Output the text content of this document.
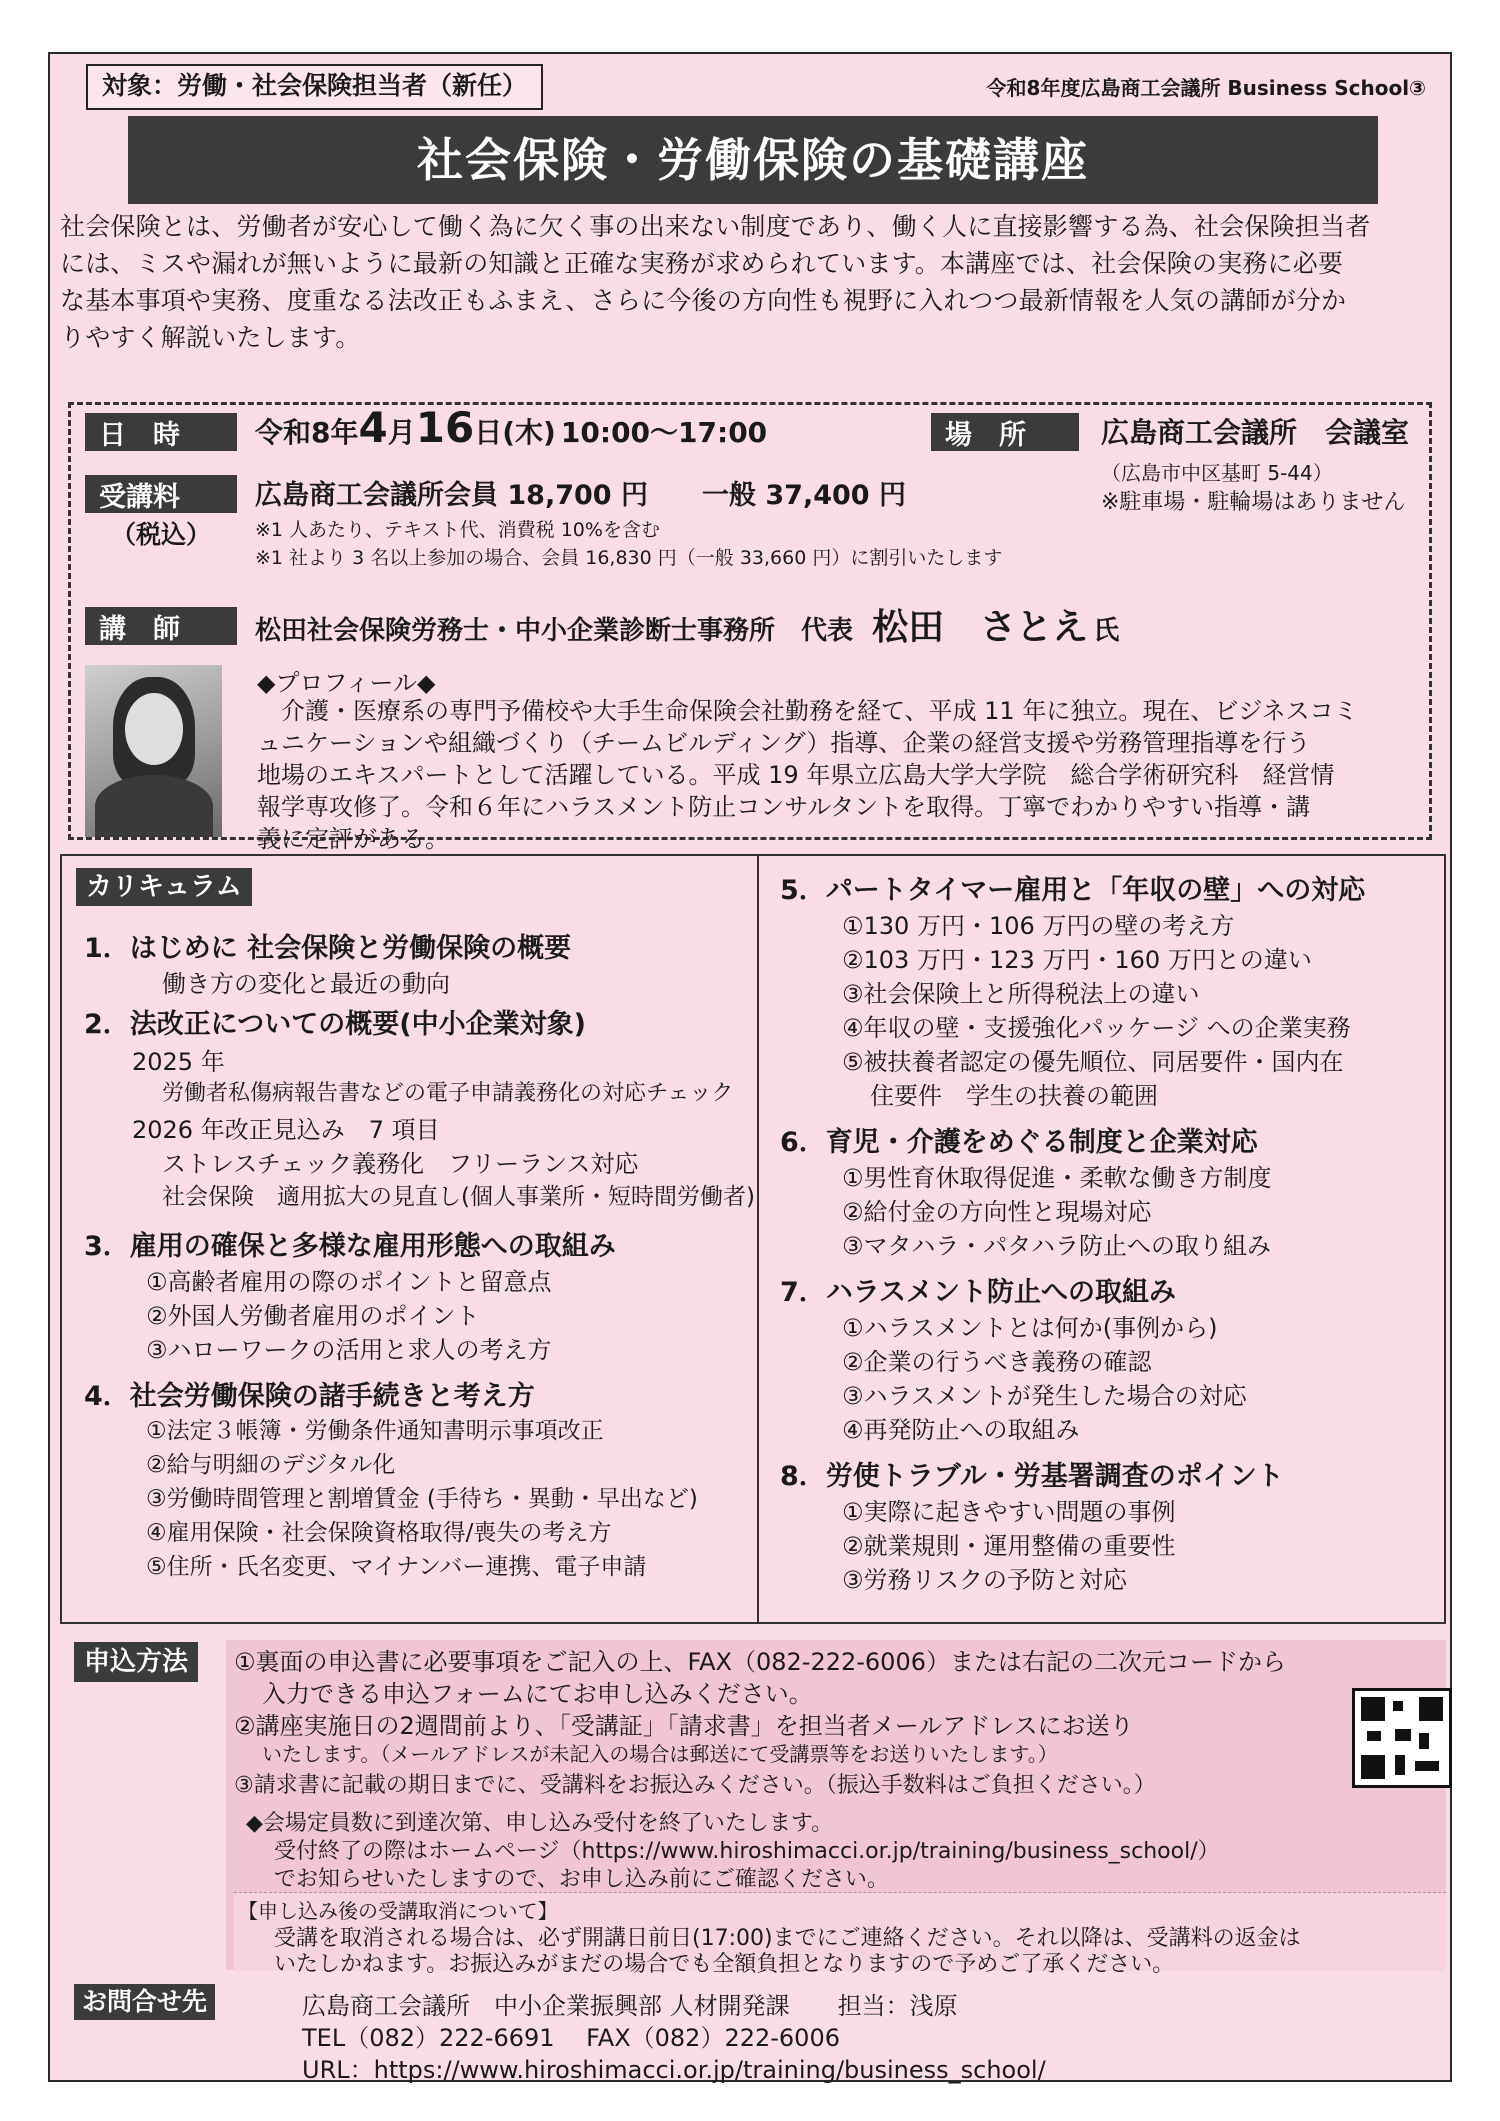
対象：労働・社会保険担当者（新任）	令和8年度広島商工会議所 Business School③
社会保険・労働保険の基礎講座

社会保険とは、労働者が安心して働く為に欠く事の出来ない制度であり、働く人に直接影響する為、社会保険担当者

には、ミスや漏れが無いように最新の知識と正確な実務が求められています。本講座では、社会保険の実務に必要

な基本事項や実務、度重なる法改正もふまえ、さらに今後の方向性も視野に入れつつ最新情報を人気の講師が分か

りやすく解説いたします。

日　時	令和8年4月16日(木) 10:00～17:00	場　所	広島商工会議所　会議室
（広島市中区基町 5-44）
※駐車場・駐輪場はありません
受講料
（税込）
広島商工会議所会員 18,700 円　　一般 37,400 円
※1 人あたり、テキスト代、消費税 10%を含む
※1 社より 3 名以上参加の場合、会員 16,830 円（一般 33,660 円）に割引いたします
講　師	松田社会保険労務士・中小企業診断士事務所　代表 松田　さとえ 氏
◆プロフィール◆

　介護・医療系の専門予備校や大手生命保険会社勤務を経て、平成 11 年に独立。現在、ビジネスコミ

ュニケーションや組織づくり（チームビルディング）指導、企業の経営支援や労務管理指導を行う

地場のエキスパートとして活躍している。平成 19 年県立広島大学大学院　総合学術研究科　経営情

報学専攻修了。令和６年にハラスメント防止コンサルタントを取得。丁寧でわかりやすい指導・講

義に定評がある。

カリキュラム
1．はじめに 社会保険と労働保険の概要
働き方の変化と最近の動向
2．法改正についての概要(中小企業対象)
2025 年
労働者私傷病報告書などの電子申請義務化の対応チェック
2026 年改正見込み　7 項目
ストレスチェック義務化　フリーランス対応
社会保険　適用拡大の見直し(個人事業所・短時間労働者)
3．雇用の確保と多様な雇用形態への取組み
①高齢者雇用の際のポイントと留意点
②外国人労働者雇用のポイント
③ハローワークの活用と求人の考え方
4．社会労働保険の諸手続きと考え方
①法定３帳簿・労働条件通知書明示事項改正
②給与明細のデジタル化
③労働時間管理と割増賃金 (手待ち・異動・早出など)
④雇用保険・社会保険資格取得/喪失の考え方
⑤住所・氏名変更、マイナンバー連携、電子申請
5．パートタイマー雇用と「年収の壁」への対応
①130 万円・106 万円の壁の考え方
②103 万円・123 万円・160 万円との違い
③社会保険上と所得税法上の違い
④年収の壁・支援強化パッケージ への企業実務
⑤被扶養者認定の優先順位、同居要件・国内在
住要件　学生の扶養の範囲
6．育児・介護をめぐる制度と企業対応
①男性育休取得促進・柔軟な働き方制度
②給付金の方向性と現場対応
③マタハラ・パタハラ防止への取り組み
7．ハラスメント防止への取組み
①ハラスメントとは何か(事例から)
②企業の行うべき義務の確認
③ハラスメントが発生した場合の対応
④再発防止への取組み
8．労使トラブル・労基署調査のポイント
①実際に起きやすい問題の事例
②就業規則・運用整備の重要性
③労務リスクの予防と対応
申込方法	①裏面の申込書に必要事項をご記入の上、FAX（082-222-6006）または右記の二次元コードから
入力できる申込フォームにてお申し込みください。
②講座実施日の2週間前より、「受講証」「請求書」を担当者メールアドレスにお送り
いたします。（メールアドレスが未記入の場合は郵送にて受講票等をお送りいたします。）
③請求書に記載の期日までに、受講料をお振込みください。（振込手数料はご負担ください。）
◆会場定員数に到達次第、申し込み受付を終了いたします。
受付終了の際はホームページ（https://www.hiroshimacci.or.jp/training/business_school/）
でお知らせいたしますので、お申し込み前にご確認ください。
【申し込み後の受講取消について】
受講を取消される場合は、必ず開講日前日(17:00)までにご連絡ください。それ以降は、受講料の返金は
いたしかねます。お振込みがまだの場合でも全額負担となりますので予めご了承ください。
お問合せ先	広島商工会議所　中小企業振興部 人材開発課　　担当：浅原
TEL（082）222-6691　 FAX（082）222-6006
URL：https://www.hiroshimacci.or.jp/training/business_school/
